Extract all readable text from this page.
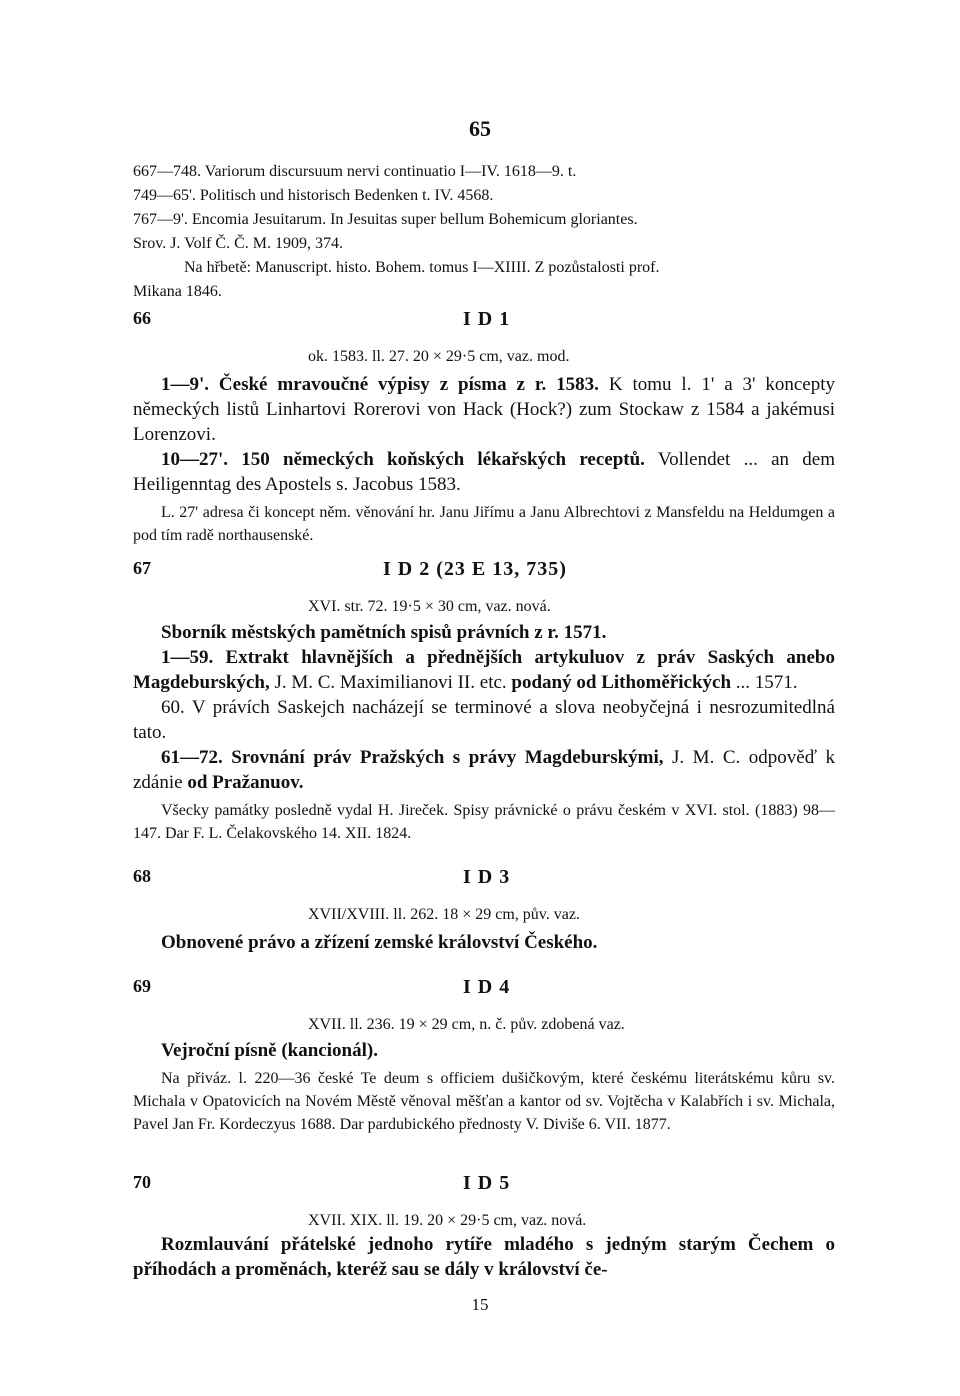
65

667—748. Variorum discursuum nervi continuatio I—IV. 1618—9. t.

749—65'. Politisch und historisch Bedenken t. IV. 4568.

767—9'. Encomia Jesuitarum. In Jesuitas super bellum Bohemicum gloriantes.

Srov. J. Volf Č. Č. M. 1909, 374.

Na hřbetě: Manuscript. histo. Bohem. tomus I—XIIII. Z pozůstalosti prof.

Mikana 1846.

66	I D 1
ok. 1583. ll. 27. 20 × 29·5 cm, vaz. mod.

1—9'. České mravoučné výpisy z písma z r. 1583. K tomu l. 1' a 3' koncepty německých listů Linhartovi Rorerovi von Hack (Hock?) zum Stockaw z 1584 a jakémusi Lorenzovi.

10—27'. 150 německých koňských lékařských receptů. Vollendet ... an dem Heiligenntag des Apostels s. Jacobus 1583.

L. 27' adresa či koncept něm. věnování hr. Janu Jiřímu a Janu Albrechtovi z Mansfeldu na Heldumgen a pod tím radě northausenské.

67	I D 2 (23 E 13, 735)
XVI. str. 72. 19·5 × 30 cm, vaz. nová.

Sborník městských pamětních spisů právních z r. 1571.

1—59. Extrakt hlavnějších a přednějších artykuluov z práv Saských anebo Magdeburských, J. M. C. Maximilianovi II. etc. podaný od Lithoměřických ... 1571.

60. V právích Saskejch nacházejí se terminové a slova neobyčejná i nesrozumitedlná tato.

61—72. Srovnání práv Pražských s právy Magdeburskými, J. M. C. odpověď k zdánie od Pražanuov.

Všecky památky posledně vydal H. Jireček. Spisy právnické o právu českém v XVI. stol. (1883) 98—147. Dar F. L. Čelakovského 14. XII. 1824.

68	I D 3
XVII/XVIII. ll. 262. 18 × 29 cm, pův. vaz.

Obnovené právo a zřízení zemské království Českého.

69	I D 4
XVII. ll. 236. 19 × 29 cm, n. č. pův. zdobená vaz.

Vejroční písně (kancionál).

Na přiváz. l. 220—36 české Te deum s officiem dušičkovým, které českému literátskému kůru sv. Michala v Opatovicích na Novém Městě věnoval měšťan a kantor od sv. Vojtěcha v Kalabřích i sv. Michala, Pavel Jan Fr. Kordeczyus 1688. Dar pardubického přednosty V. Diviše 6. VII. 1877.

70	I D 5
XVII. XIX. ll. 19. 20 × 29·5 cm, vaz. nová.

Rozmlauvání přátelské jednoho rytíře mladého s jedným starým Čechem o příhodách a proměnách, kteréž sau se dály v království če-

15
